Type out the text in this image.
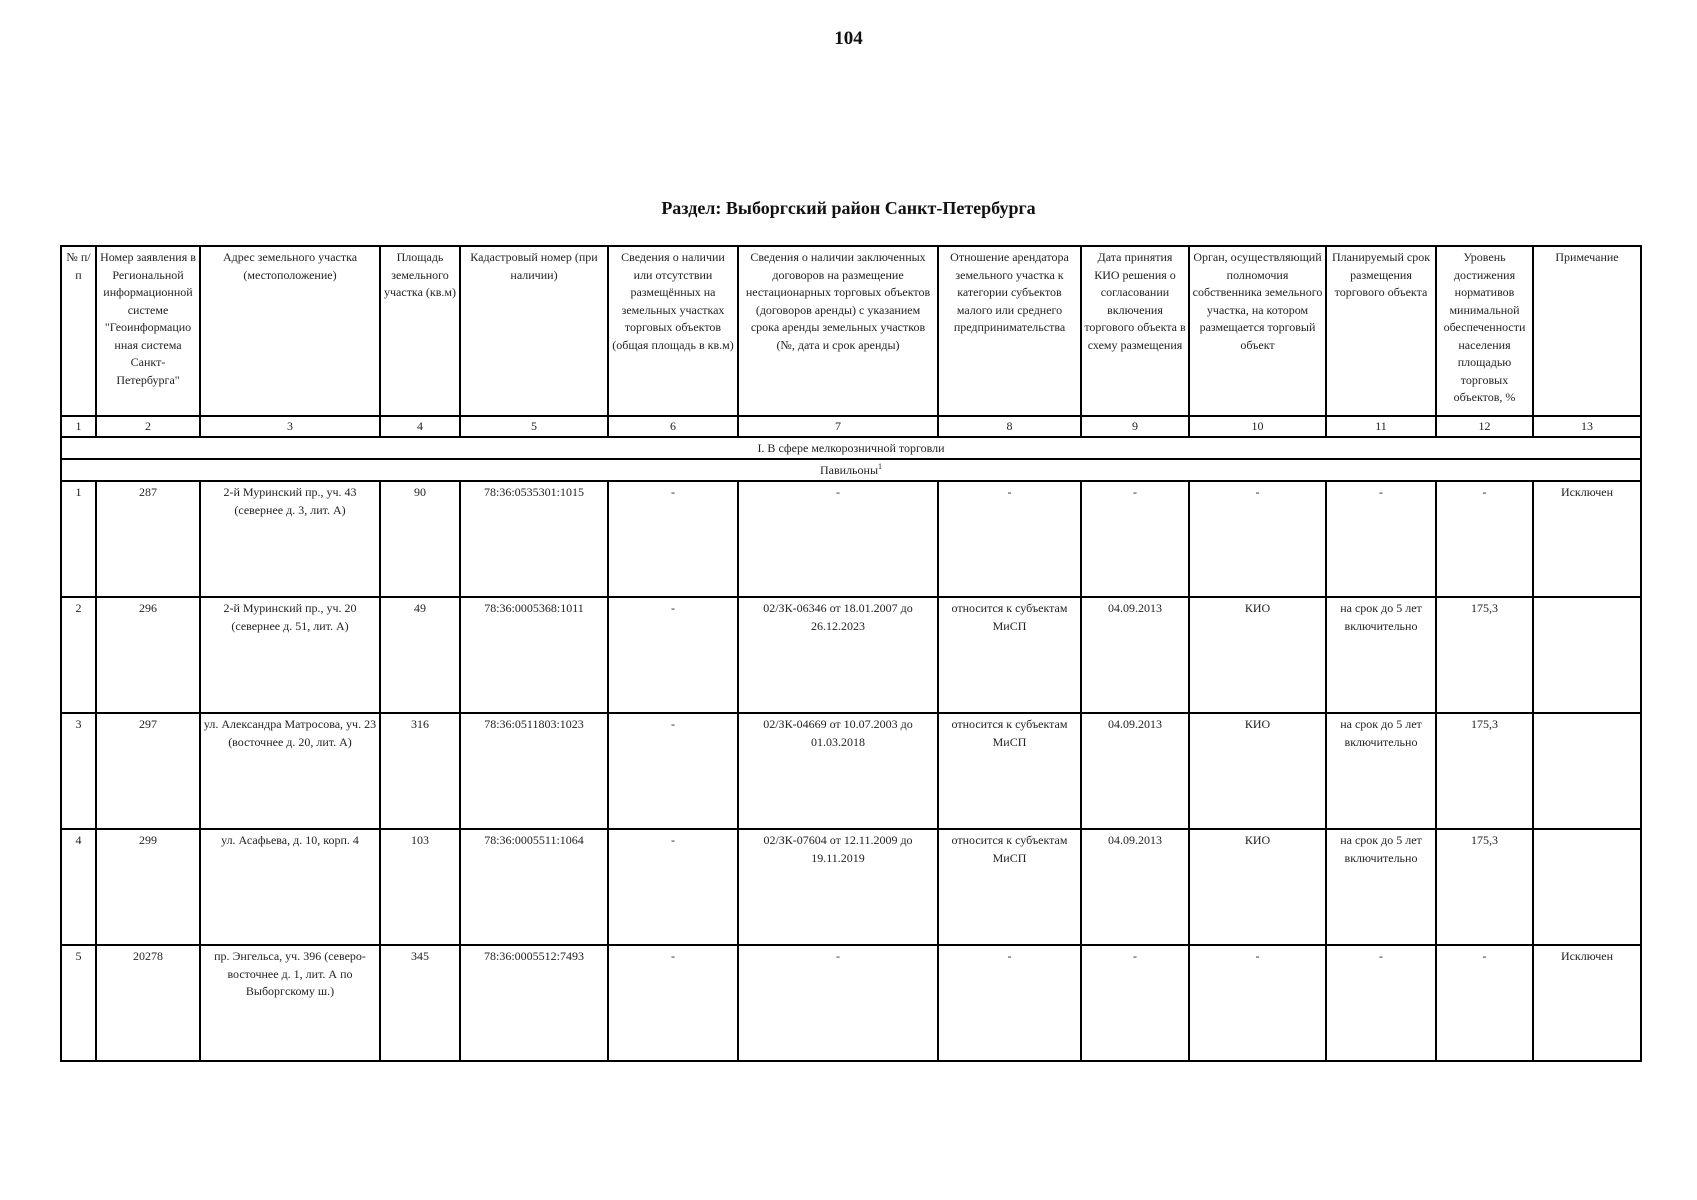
104
Раздел: Выборгский район Санкт-Петербурга
№ п/п	Номер заявления в Региональной информационной системе "Геоинформацио нная система Санкт-Петербурга"	Адрес земельного участка (местоположение)	Площадь земельного участка (кв.м)	Кадастровый номер (при наличии)	Сведения о наличии или отсутствии размещённых на земельных участках торговых объектов (общая площадь в кв.м)	Сведения о наличии заключенных договоров на размещение нестационарных торговых объектов (договоров аренды) с указанием срока аренды земельных участков (№, дата и срок аренды)	Отношение арендатора земельного участка к категории субъектов малого или среднего предпринимательства	Дата принятия КИО решения о согласовании включения торгового объекта в схему размещения	Орган, осуществляющий полномочия собственника земельного участка, на котором размещается торговый объект	Планируемый срок размещения торгового объекта	Уровень достижения нормативов минимальной обеспеченности населения площадью торговых объектов, %	Примечание
1	2	3	4	5	6	7	8	9	10	11	12	13
I. В сфере мелкорозничной торговли												
Павильоны$^1$
1	287	2-й Муринский пр., уч. 43 (севернее д. 3, лит. А)	90	78:36:0535301:1015	-	-	-	-	-	-	-	Исключен
2	296	2-й Муринский пр., уч. 20 (севернее д. 51, лит. А)	49	78:36:0005368:1011	-	02/ЗК-06346 от 18.01.2007 до 26.12.2023	относится к субъектам МиСП	04.09.2013	КИО	на срок до 5 лет включительно	175,3	
3	297	ул. Александра Матросова, уч. 23 (восточнее д. 20, лит. А)	316	78:36:0511803:1023	-	02/ЗК-04669 от 10.07.2003 до 01.03.2018	относится к субъектам МиСП	04.09.2013	КИО	на срок до 5 лет включительно	175,3	
4	299	ул. Асафьева, д. 10, корп. 4	103	78:36:0005511:1064	-	02/ЗК-07604 от 12.11.2009 до 19.11.2019	относится к субъектам МиСП	04.09.2013	КИО	на срок до 5 лет включительно	175,3	
5	20278	пр. Энгельса, уч. 396 (северо-восточнее д. 1, лит. А по Выборгскому ш.)	345	78:36:0005512:7493	-	-	-	-	-	-	-	Исключен
